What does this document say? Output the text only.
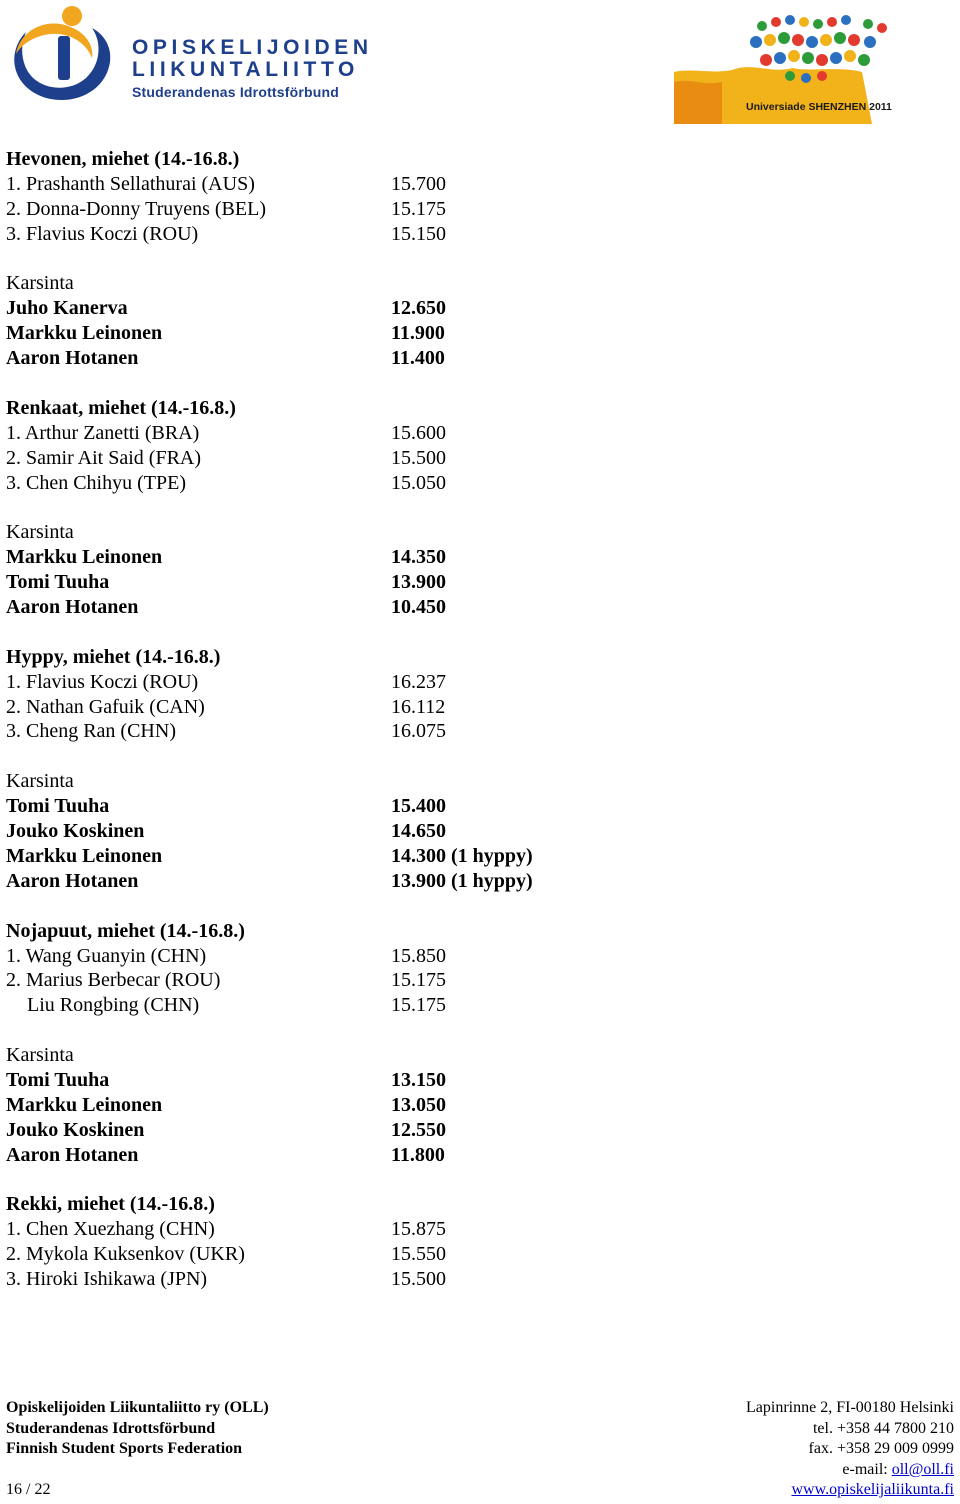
OPISKELIJOIDEN
LIIKUNTALIITTO
Studerandenas Idrottsförbund
Universiade SHENZHEN 2011
Hevonen, miehet (14.-16.8.)
1. Prashanth Sellathurai (AUS)	15.700
2. Donna-Donny Truyens (BEL)	15.175
3. Flavius Koczi (ROU)	15.150
Karsinta
Juho Kanerva	12.650
Markku Leinonen	11.900
Aaron Hotanen	11.400
Renkaat, miehet (14.-16.8.)
1. Arthur Zanetti (BRA)	15.600
2. Samir Ait Said (FRA)	15.500
3. Chen Chihyu (TPE)	15.050
Karsinta
Markku Leinonen	14.350
Tomi Tuuha	13.900
Aaron Hotanen	10.450
Hyppy, miehet (14.-16.8.)
1. Flavius Koczi (ROU)	16.237
2. Nathan Gafuik (CAN)	16.112
3. Cheng Ran (CHN)	16.075
Karsinta
Tomi Tuuha	15.400
Jouko Koskinen	14.650
Markku Leinonen	14.300 (1 hyppy)
Aaron Hotanen	13.900 (1 hyppy)
Nojapuut, miehet (14.-16.8.)
1. Wang Guanyin (CHN)	15.850
2. Marius Berbecar (ROU)	15.175
Liu Rongbing (CHN)	15.175
Karsinta
Tomi Tuuha	13.150
Markku Leinonen	13.050
Jouko Koskinen	12.550
Aaron Hotanen	11.800
Rekki, miehet (14.-16.8.)
1. Chen Xuezhang (CHN)	15.875
2. Mykola Kuksenkov (UKR)	15.550
3. Hiroki Ishikawa (JPN)	15.500
Opiskelijoiden Liikuntaliitto ry (OLL)
Studerandenas Idrottsförbund
Finnish Student Sports Federation
Lapinrinne 2, FI-00180 Helsinki
tel. +358 44 7800 210
fax. +358 29 009 0999
e-mail: oll@oll.fi
www.opiskelijaliikunta.fi
16 / 22
